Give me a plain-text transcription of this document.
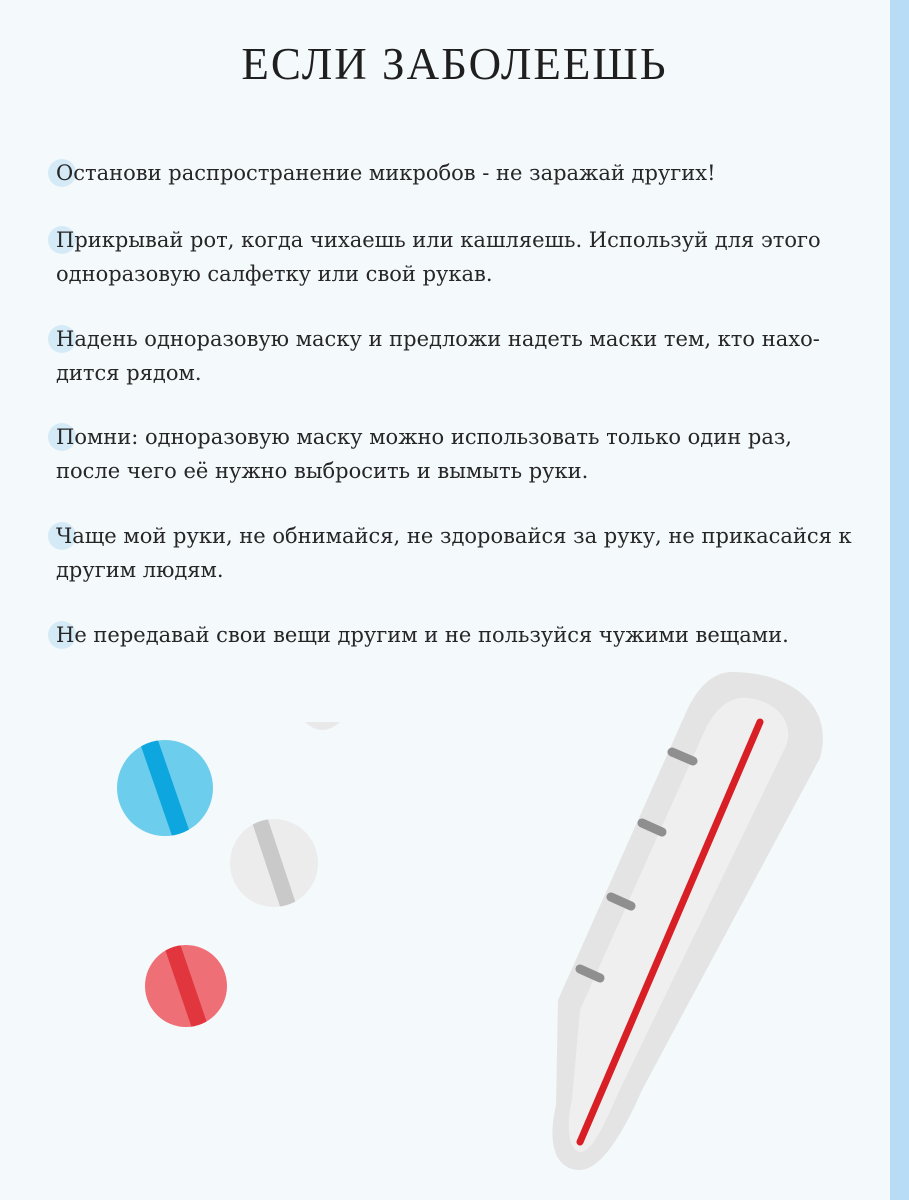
ЕСЛИ ЗАБОЛЕЕШЬ
Останови распространение микробов - не заражай других!
Прикрывай рот, когда чихаешь или кашляешь. Используй для этого одноразовую салфетку или свой рукав.
Надень одноразовую маску и предложи надеть маски тем, кто нахо-дится рядом.
Помни: одноразовую маску можно использовать только один раз, после чего её нужно выбросить и вымыть руки.
Чаще мой руки, не обнимайся, не здоровайся за руку, не прикасайся к другим людям.
Не передавай свои вещи другим и не пользуйся чужими вещами.
